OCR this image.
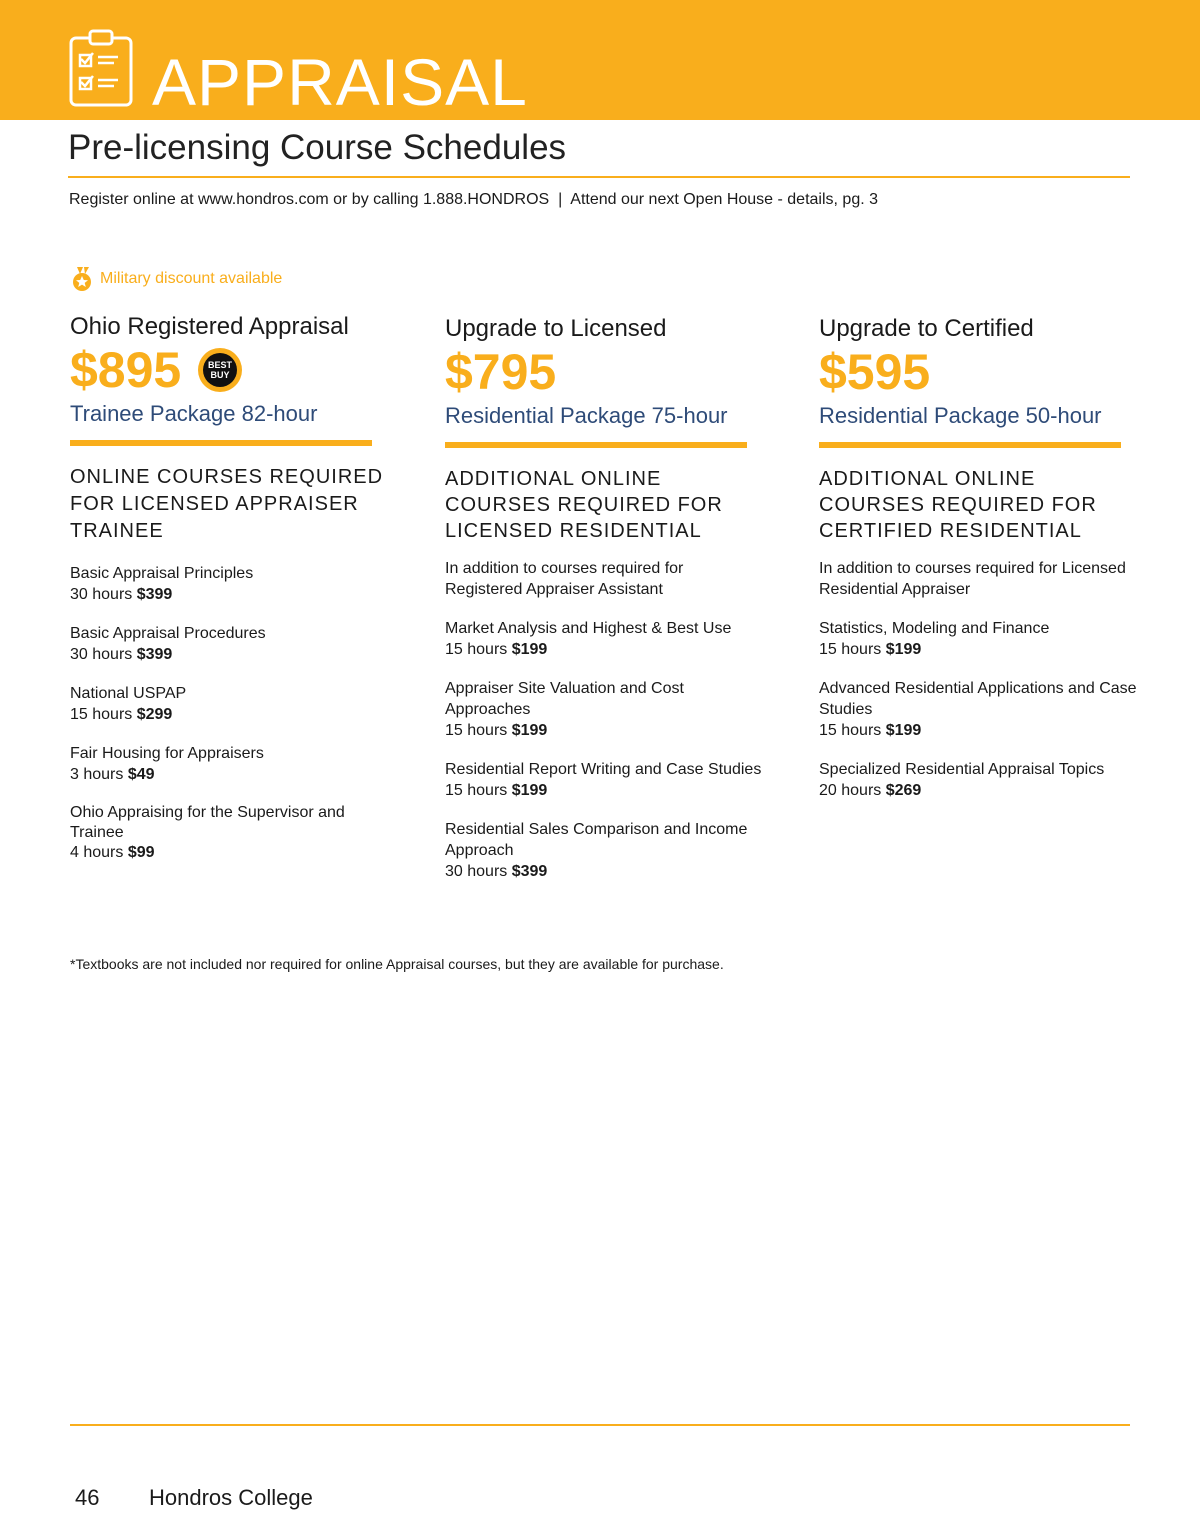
APPRAISAL
Pre-licensing Course Schedules
Register online at www.hondros.com or by calling 1.888.HONDROS  |  Attend our next Open House - details, pg. 3
Military discount available
Ohio Registered Appraisal
$895	BEST
BUY
Trainee Package 82-hour
ONLINE COURSES REQUIRED FOR LICENSED APPRAISER TRAINEE
Basic Appraisal Principles
30 hours $399
Basic Appraisal Procedures
30 hours $399
National USPAP
15 hours $299
Fair Housing for Appraisers
3 hours $49
Ohio Appraising for the Supervisor and Trainee
4 hours $99
Upgrade to Licensed
$795
Residential Package 75-hour
ADDITIONAL ONLINE COURSES REQUIRED FOR LICENSED RESIDENTIAL
In addition to courses required for Registered Appraiser Assistant
Market Analysis and Highest & Best Use
15 hours $199
Appraiser Site Valuation and Cost Approaches
15 hours $199
Residential Report Writing and Case Studies
15 hours $199
Residential Sales Comparison and Income Approach
30 hours $399
Upgrade to Certified
$595
Residential Package 50-hour
ADDITIONAL ONLINE COURSES REQUIRED FOR CERTIFIED RESIDENTIAL
In addition to courses required for Licensed Residential Appraiser
Statistics, Modeling and Finance
15 hours $199
Advanced Residential Applications and Case Studies
15 hours $199
Specialized Residential Appraisal Topics
20 hours $269
*Textbooks are not included nor required for online Appraisal courses, but they are available for purchase.
46 Hondros College
